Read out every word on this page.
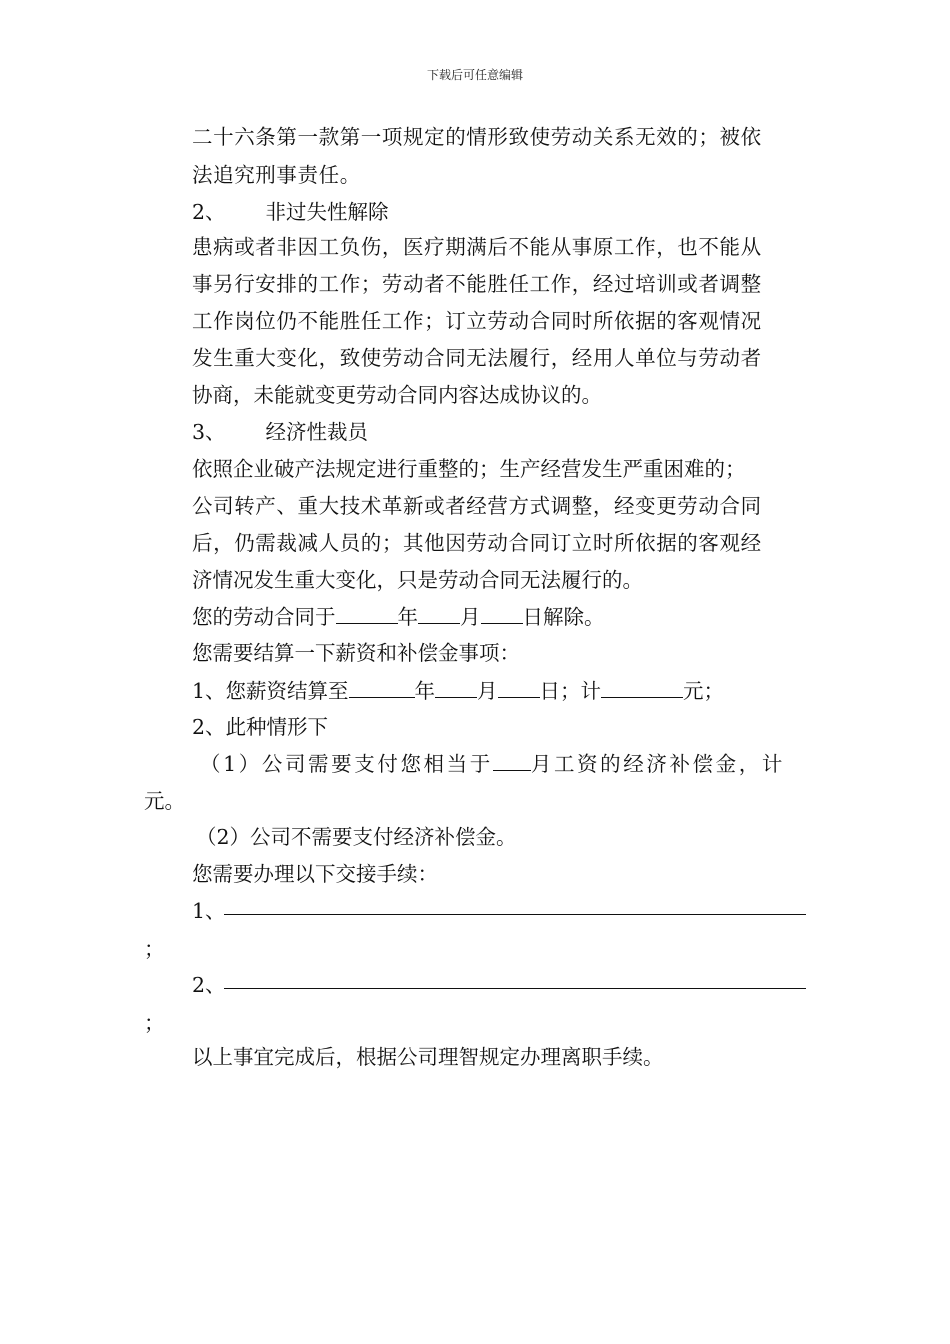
下载后可任意编辑
二十六条第一款第一项规定的情形致使劳动关系无效的；被依
法追究刑事责任。
2、 非过失性解除
患病或者非因工负伤，医疗期满后不能从事原工作，也不能从
事另行安排的工作；劳动者不能胜任工作，经过培训或者调整
工作岗位仍不能胜任工作；订立劳动合同时所依据的客观情况
发生重大变化，致使劳动合同无法履行，经用人单位与劳动者
协商，未能就变更劳动合同内容达成协议的。
3、 经济性裁员
依照企业破产法规定进行重整的；生产经营发生严重困难的；
公司转产、重大技术革新或者经营方式调整，经变更劳动合同
后，仍需裁减人员的；其他因劳动合同订立时所依据的客观经
济情况发生重大变化，只是劳动合同无法履行的。
您的劳动合同于	年 月 日解除。
您需要结算一下薪资和补偿金事项：
1、您薪资结算至	年 月 日；计	元；
2、此种情形下
（1）公司需要支付您相当于 月工资的经济补偿金，计
元。
（2）公司不需要支付经济补偿金。
您需要办理以下交接手续：
1、
；
2、
；
以上事宜完成后，根据公司理智规定办理离职手续。
